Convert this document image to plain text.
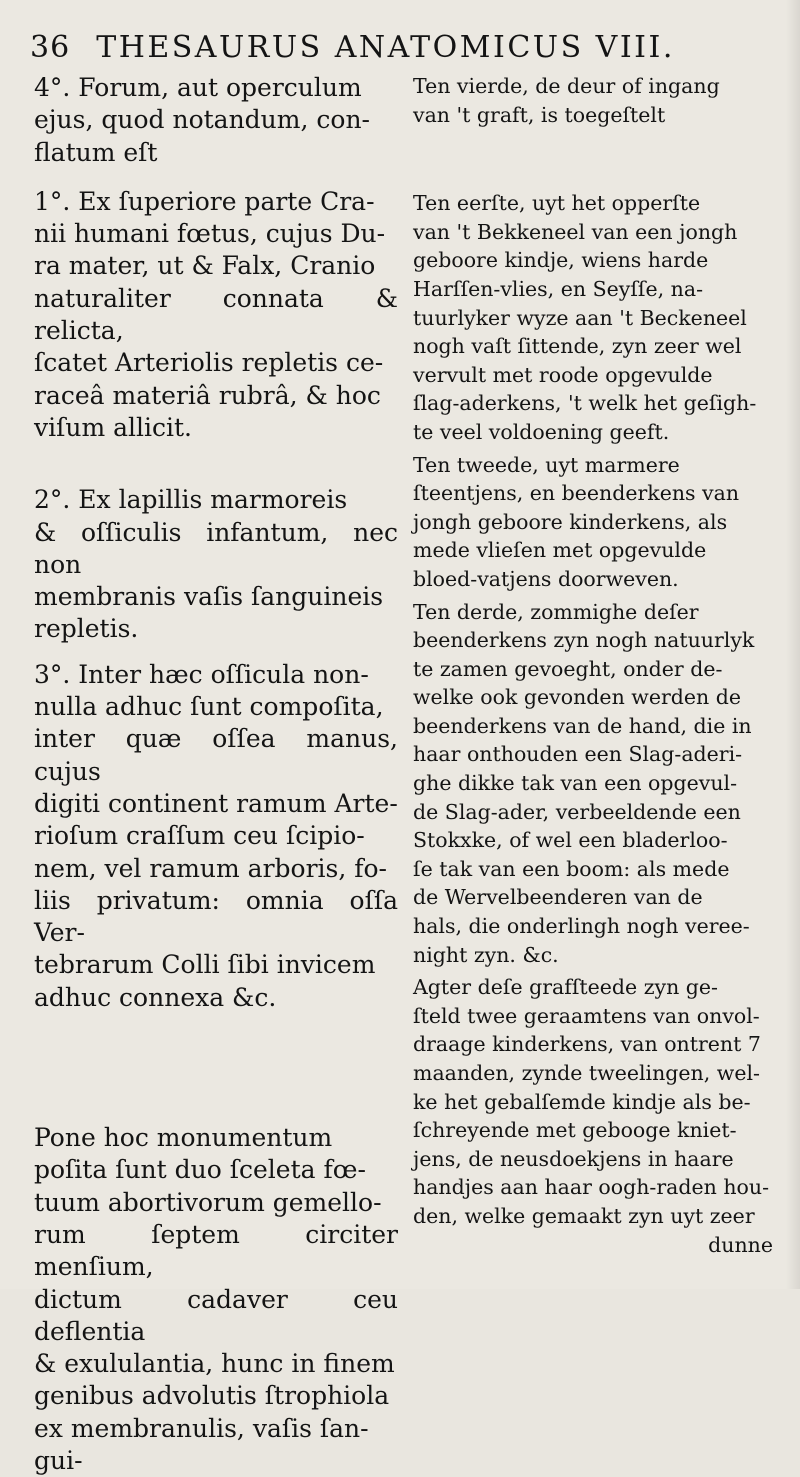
36 THESAURUS ANATOMICUS VIII.

4°. Forum, aut operculum
ejus, quod notandum, con-
flatum eſt

1°. Ex ſuperiore parte Cra-
nii humani fœtus, cujus Du-
ra mater, ut & Falx, Cranio
naturaliter connata & relicta,
ſcatet Arteriolis repletis ce-
raceâ materiâ rubrâ, & hoc
viſum allicit.

2°. Ex lapillis marmoreis
& oſſiculis infantum, nec non
membranis vaſis ſanguineis
repletis.

3°. Inter hæc oſſicula non-
nulla adhuc ſunt compoſita,
inter quæ oſſea manus, cujus
digiti continent ramum Arte-
rioſum craſſum ceu ſcipio-
nem, vel ramum arboris, fo-
liis privatum: omnia oſſa Ver-
tebrarum Colli ſibi invicem
adhuc connexa &c.

Pone hoc monumentum
poſita ſunt duo ſceleta fœ-
tuum abortivorum gemello-
rum ſeptem circiter menſium,
dictum cadaver ceu deflentia
& exululantia, hunc in finem
genibus advolutis ſtrophiola
ex membranulis, vaſis ſan-
gui-

Ten vierde, de deur of ingang
van 't graft, is toegeſtelt

Ten eerſte, uyt het opperſte
van 't Bekkeneel van een jongh
geboore kindje, wiens harde
Harſſen-vlies, en Seyſſe, na-
tuurlyker wyze aan 't Beckeneel
nogh vaſt ſittende, zyn zeer wel
vervult met roode opgevulde
ſlag-aderkens, 't welk het geſigh-
te veel voldoening geeft.

Ten tweede, uyt marmere
ſteentjens, en beenderkens van
jongh geboore kinderkens, als
mede vlieſen met opgevulde
bloed-vatjens doorweven.

Ten derde, zommighe deſer
beenderkens zyn nogh natuurlyk
te zamen gevoeght, onder de-
welke ook gevonden werden de
beenderkens van de hand, die in
haar onthouden een Slag-aderi-
ghe dikke tak van een opgevul-
de Slag-ader, verbeeldende een
Stokxke, of wel een bladerloo-
ſe tak van een boom: als mede
de Wervelbeenderen van de
hals, die onderlingh nogh veree-
night zyn. &c.

Agter deſe grafſteede zyn ge-
ſteld twee geraamtens van onvol-
draage kinderkens, van ontrent 7
maanden, zynde tweelingen, wel-
ke het gebalſemde kindje als be-
ſchreyende met gebooge kniet-
jens, de neusdoekjens in haare
handjes aan haar oogh-raden hou-
den, welke gemaakt zyn uyt zeer

dunne
